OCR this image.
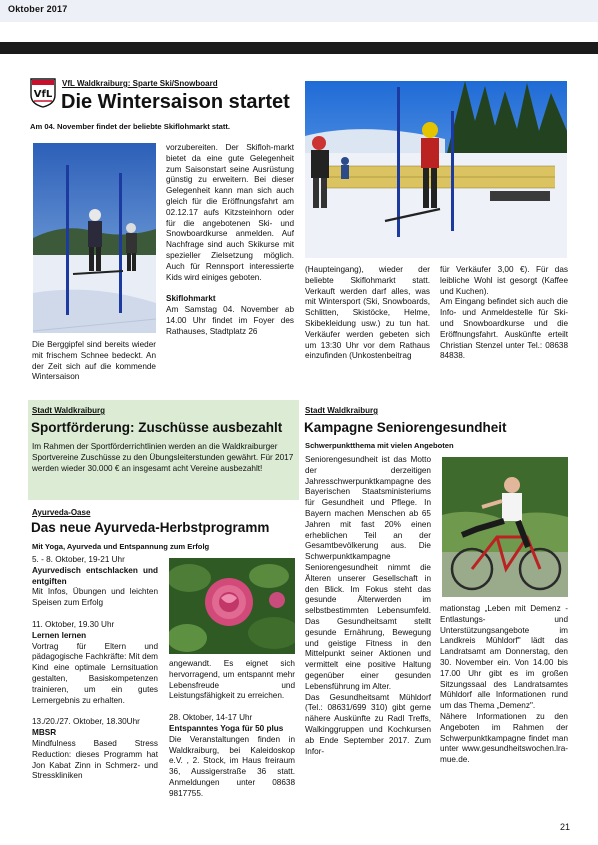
Oktober 2017
VfL
VfL Waldkraiburg: Sparte Ski/Snowboard
Die Wintersaison startet
Am 04. November findet der beliebte Skiflohmarkt statt.

Die Berggipfel sind bereits wieder mit frischem Schnee bedeckt. An der Zeit sich auf die kommende Wintersaison

vorzubereiten. Der Skifloh-markt bietet da eine gute Gelegenheit zum Saisonstart seine Ausrüstung günstig zu erweitern. Bei dieser Gelegenheit kann man sich auch gleich für die Eröffnungsfahrt am 02.12.17 aufs Kitzsteinhorn oder für die angebotenen Ski- und Snowboardkurse anmelden. Auf Nachfrage sind auch Skikurse mit spezieller Zielsetzung möglich. Auch für Rennsport interessierte Kids wird einiges geboten.

Skiflohmarkt

Am Samstag 04. November ab 14.00 Uhr findet im Foyer des Rathauses, Stadtplatz 26

(Haupteingang), wieder der beliebte Skiflohmarkt statt. Verkauft werden darf alles, was mit Wintersport (Ski, Snowboards, Schlitten, Skistöcke, Helme, Skibekleidung usw.) zu tun hat. Verkäufer werden gebeten sich um 13:30 Uhr vor dem Rathaus einzufinden (Unkostenbeitrag

für Verkäufer 3,00 €). Für das leibliche Wohl ist gesorgt (Kaffee und Kuchen).

Am Eingang befindet sich auch die Info- und Anmeldestelle für Ski- und Snowboardkurse und die Eröffnungsfahrt. Auskünfte erteilt Christian Stenzel unter Tel.: 08638 84838.

Stadt Waldkraiburg
Sportförderung: Zuschüsse ausbezahlt

Im Rahmen der Sportförderrichtlinien werden an die Waldkraiburger Sportvereine Zuschüsse zu den Übungsleiterstunden gewährt. Für 2017 werden wieder 30.000 € an insgesamt acht Vereine ausbezahlt!

Ayurveda-Oase
Das neue Ayurveda-Herbstprogramm
Mit Yoga, Ayurveda und Entspannung zum Erfolg

5. - 8. Oktober, 19-21 Uhr

Ayurvedisch entschlacken und entgiften

Mit Infos, Übungen und leichten Speisen zum Erfolg

11. Oktober, 19.30 Uhr

Lernen lernen

Vortrag für Eltern und pädagogische Fachkräfte: Mit dem Kind eine optimale Lernsituation gestalten, Basiskompetenzen trainieren, um ein gutes Lernergebnis zu erhalten.

13./20./27. Oktober, 18.30Uhr

MBSR

Mindfulness Based Stress Reduction: dieses Programm hat Jon Kabat Zinn in Schmerz- und Stresskliniken

angewandt. Es eignet sich hervorragend, um entspannt mehr Lebensfreude und Leistungsfähigkeit zu erreichen.

28. Oktober, 14-17 Uhr

Entspanntes Yoga für 50 plus

Die Veranstaltungen finden in Waldkraiburg, bei Kaleidoskop e.V. , 2. Stock, im Haus freiraum 36, Aussigerstraße 36 statt. Anmeldungen unter 08638 9817755.

Stadt Waldkraiburg
Kampagne Seniorengesundheit
Schwerpunktthema mit vielen Angeboten

Seniorengesundheit ist das Motto der derzeitigen Jahresschwerpunktkampagne des Bayerischen Staatsministeriums für Gesundheit und Pflege. In Bayern machen Menschen ab 65 Jahren mit fast 20% einen erheblichen Teil an der Gesamtbevölkerung aus. Die Schwerpunktkampagne Seniorengesundheit nimmt die Älteren unserer Gesellschaft in den Blick. Im Fokus steht das gesunde Älterwerden im selbstbestimmten Lebensumfeld. Das Gesundheitsamt stellt gesunde Ernährung, Bewegung und geistige Fitness in den Mittelpunkt seiner Aktionen und vermittelt eine positive Haltung gegenüber einer gesunden Lebensführung im Alter.

Das Gesundheitsamt Mühldorf (Tel.: 08631/699 310) gibt gerne nähere Auskünfte zu Radl Treffs, Walkinggruppen und Kochkursen ab Ende September 2017. Zum Infor-

mationstag „Leben mit Demenz - Entlastungs- und Unterstützungsangebote im Landkreis Mühldorf" lädt das Landratsamt am Donnerstag, den 30. November ein. Von 14.00 bis 17.00 Uhr gibt es im großen Sitzungssaal des Landratsamtes Mühldorf alle Informationen rund um das Thema „Demenz".

Nähere Informationen zu den Angeboten im Rahmen der Schwerpunktkampagne findet man unter www.gesundheitswochen.lra-mue.de.

21
